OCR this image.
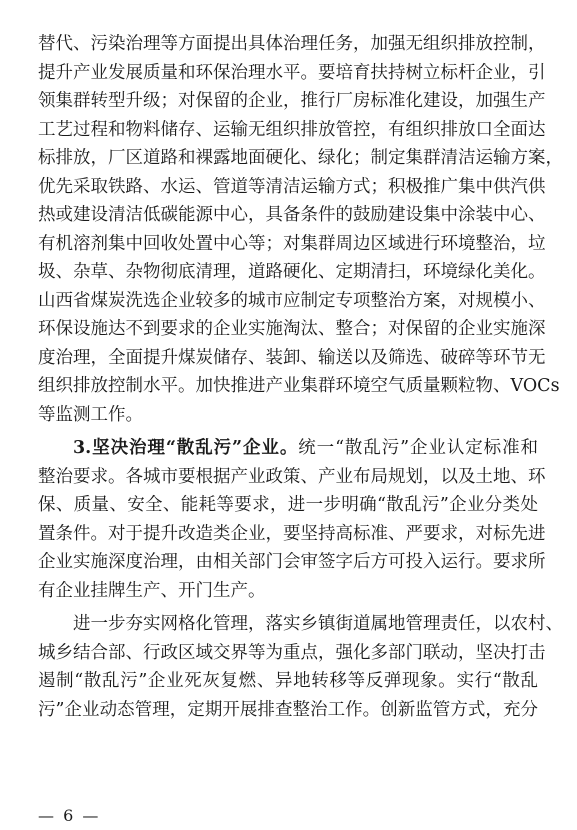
替代、污染治理等方面提出具体治理任务，加强无组织排放控制，
提升产业发展质量和环保治理水平。要培育扶持树立标杆企业，引
领集群转型升级；对保留的企业，推行厂房标准化建设，加强生产
工艺过程和物料储存、运输无组织排放管控，有组织排放口全面达
标排放，厂区道路和裸露地面硬化、绿化；制定集群清洁运输方案，
优先采取铁路、水运、管道等清洁运输方式；积极推广集中供汽供
热或建设清洁低碳能源中心，具备条件的鼓励建设集中涂装中心、
有机溶剂集中回收处置中心等；对集群周边区域进行环境整治，垃
圾、杂草、杂物彻底清理，道路硬化、定期清扫，环境绿化美化。
山西省煤炭洗选企业较多的城市应制定专项整治方案，对规模小、
环保设施达不到要求的企业实施淘汰、整合；对保留的企业实施深
度治理，全面提升煤炭储存、装卸、输送以及筛选、破碎等环节无
组织排放控制水平。加快推进产业集群环境空气质量颗粒物、VOCs
等监测工作。
3.坚决治理“散乱污”企业。统一“散乱污”企业认定标准和
整治要求。各城市要根据产业政策、产业布局规划，以及土地、环
保、质量、安全、能耗等要求，进一步明确“散乱污”企业分类处
置条件。对于提升改造类企业，要坚持高标准、严要求，对标先进
企业实施深度治理，由相关部门会审签字后方可投入运行。要求所
有企业挂牌生产、开门生产。
进一步夯实网格化管理，落实乡镇街道属地管理责任，以农村、
城乡结合部、行政区域交界等为重点，强化多部门联动，坚决打击
遏制“散乱污”企业死灰复燃、异地转移等反弹现象。实行“散乱
污”企业动态管理，定期开展排查整治工作。创新监管方式，充分
— 6 —
